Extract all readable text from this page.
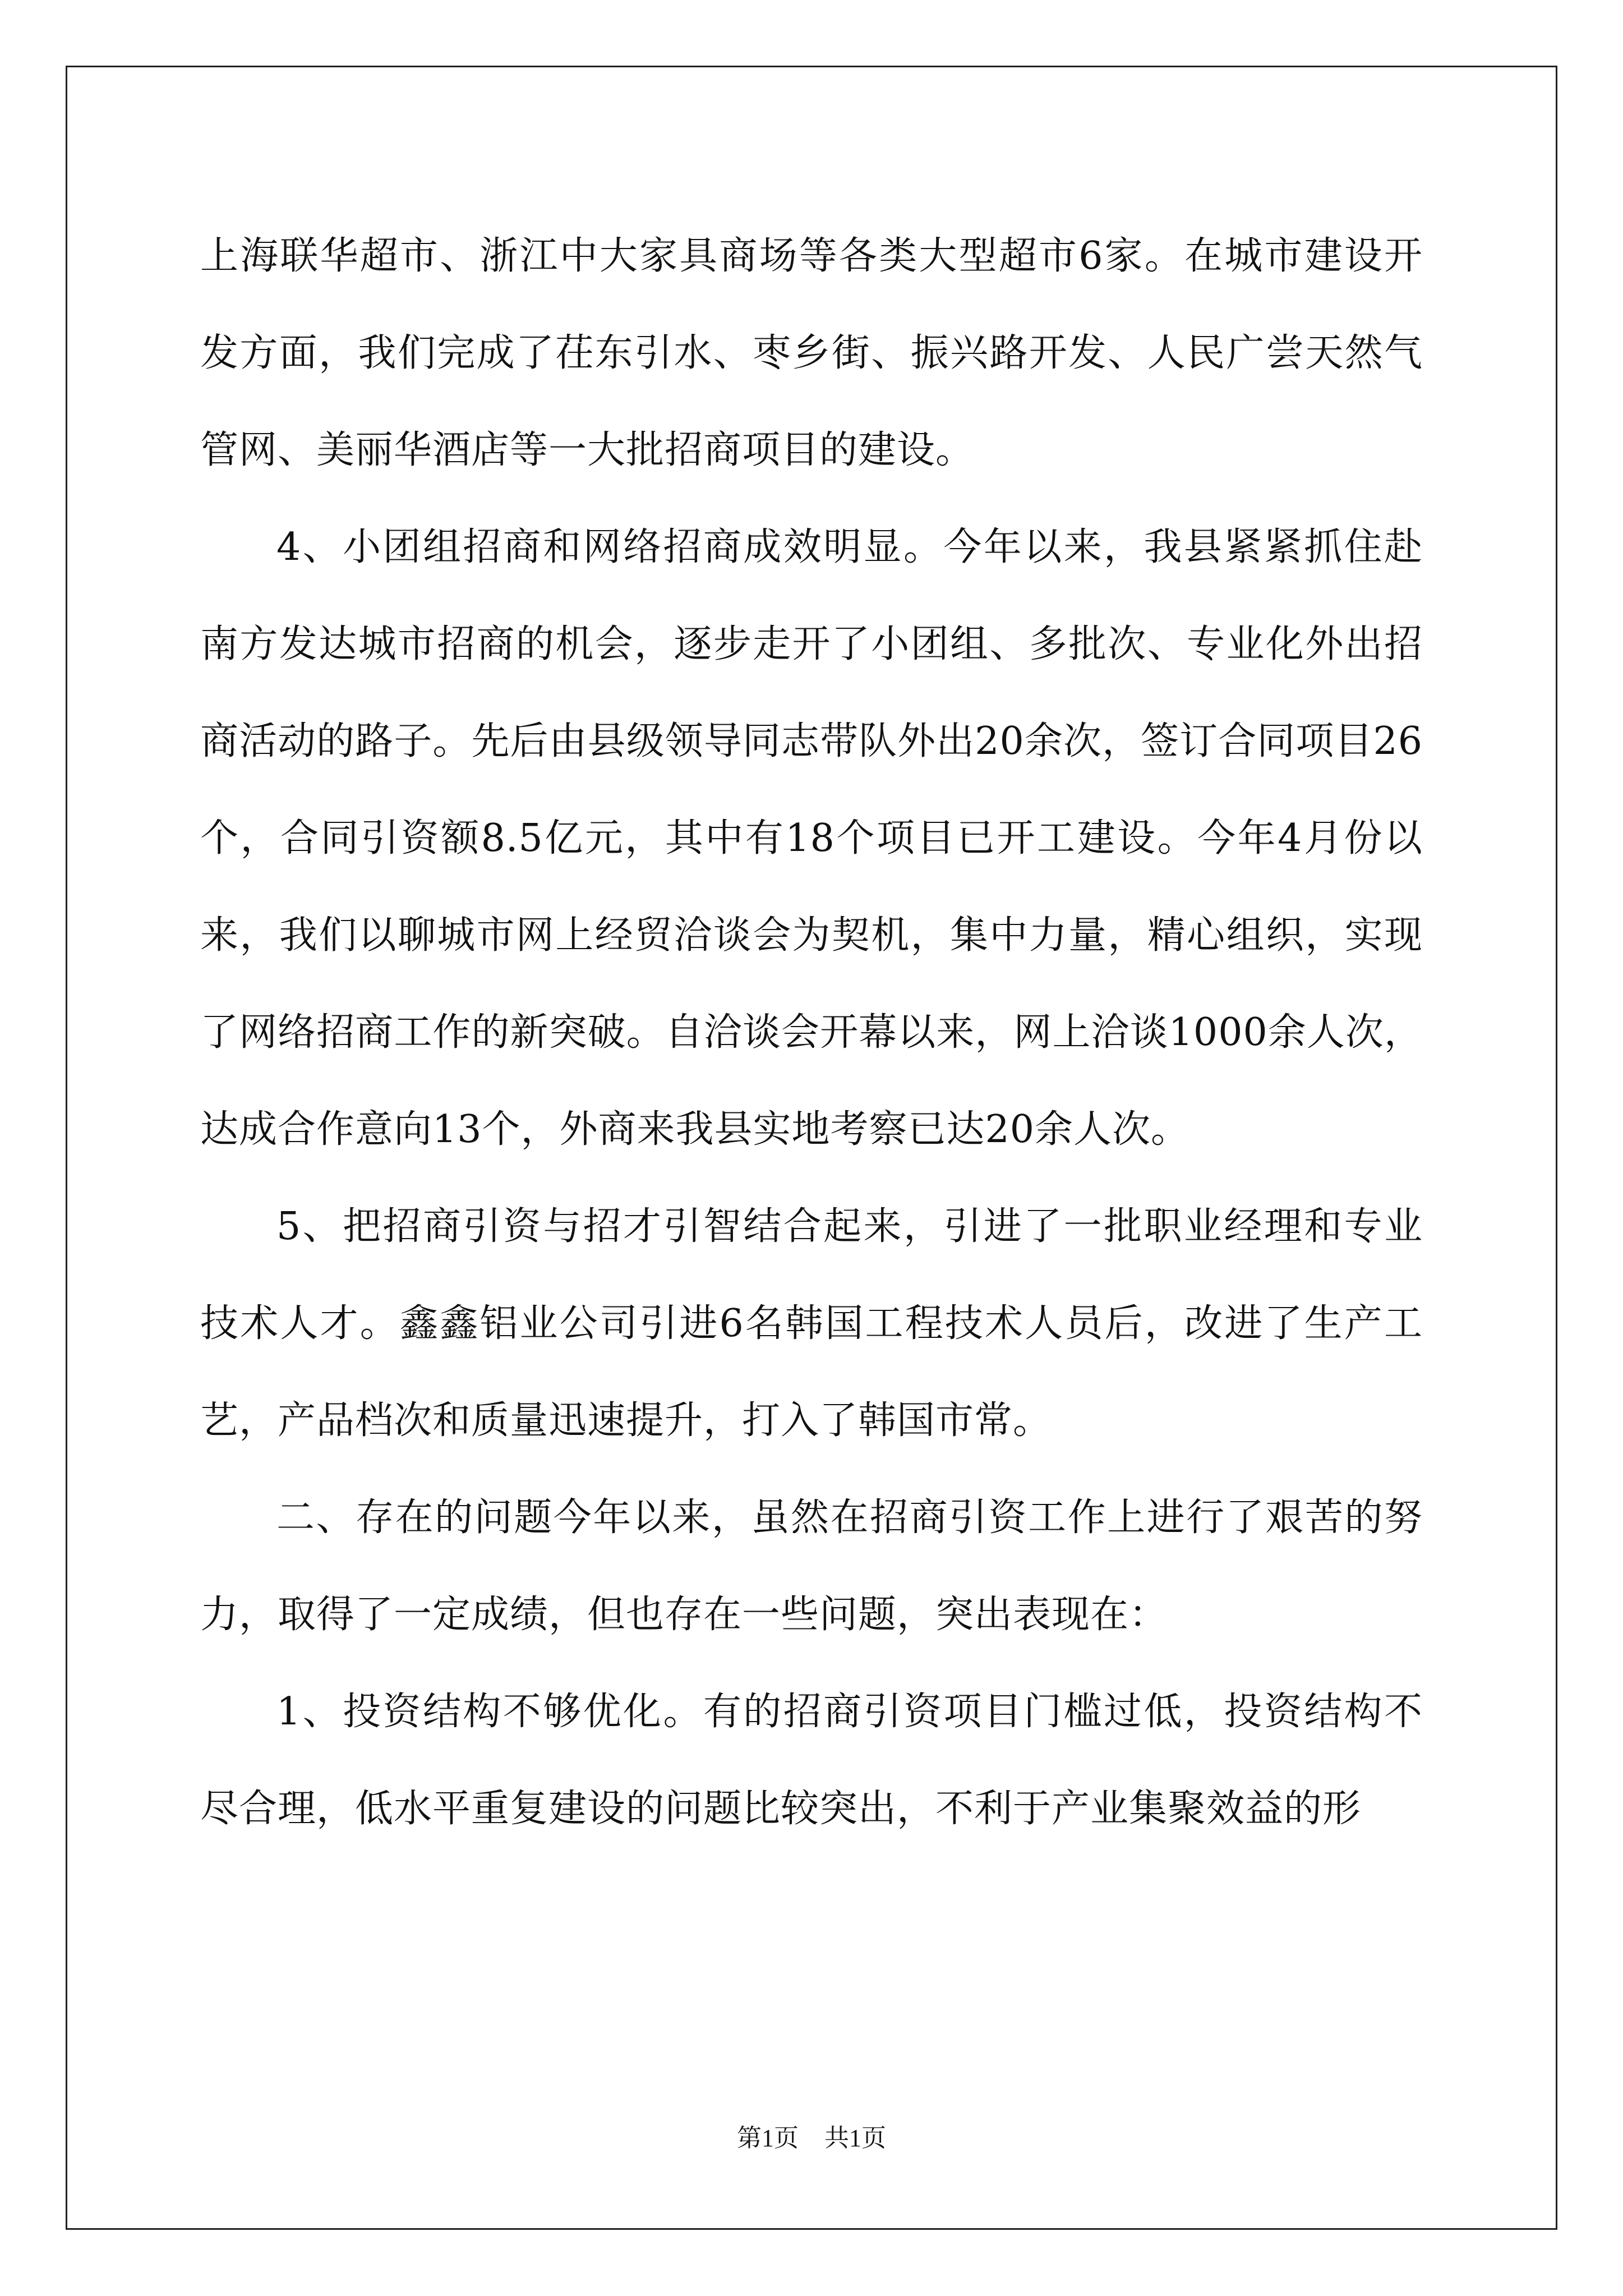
上海联华超市、浙江中大家具商场等各类大型超市6家。在城市建设开发方面，我们完成了茌东引水、枣乡街、振兴路开发、人民广尝天然气管网、美丽华酒店等一大批招商项目的建设。

4、小团组招商和网络招商成效明显。今年以来，我县紧紧抓住赴南方发达城市招商的机会，逐步走开了小团组、多批次、专业化外出招商活动的路子。先后由县级领导同志带队外出20余次，签订合同项目26个，合同引资额8.5亿元，其中有18个项目已开工建设。今年4月份以来，我们以聊城市网上经贸洽谈会为契机，集中力量，精心组织，实现了网络招商工作的新突破。自洽谈会开幕以来，网上洽谈1000余人次，达成合作意向13个，外商来我县实地考察已达20余人次。

5、把招商引资与招才引智结合起来，引进了一批职业经理和专业技术人才。鑫鑫铝业公司引进6名韩国工程技术人员后，改进了生产工艺，产品档次和质量迅速提升，打入了韩国市常。

二、存在的问题今年以来，虽然在招商引资工作上进行了艰苦的努力，取得了一定成绩，但也存在一些问题，突出表现在：

1、投资结构不够优化。有的招商引资项目门槛过低，投资结构不尽合理，低水平重复建设的问题比较突出，不利于产业集聚效益的形

第1页 共1页
